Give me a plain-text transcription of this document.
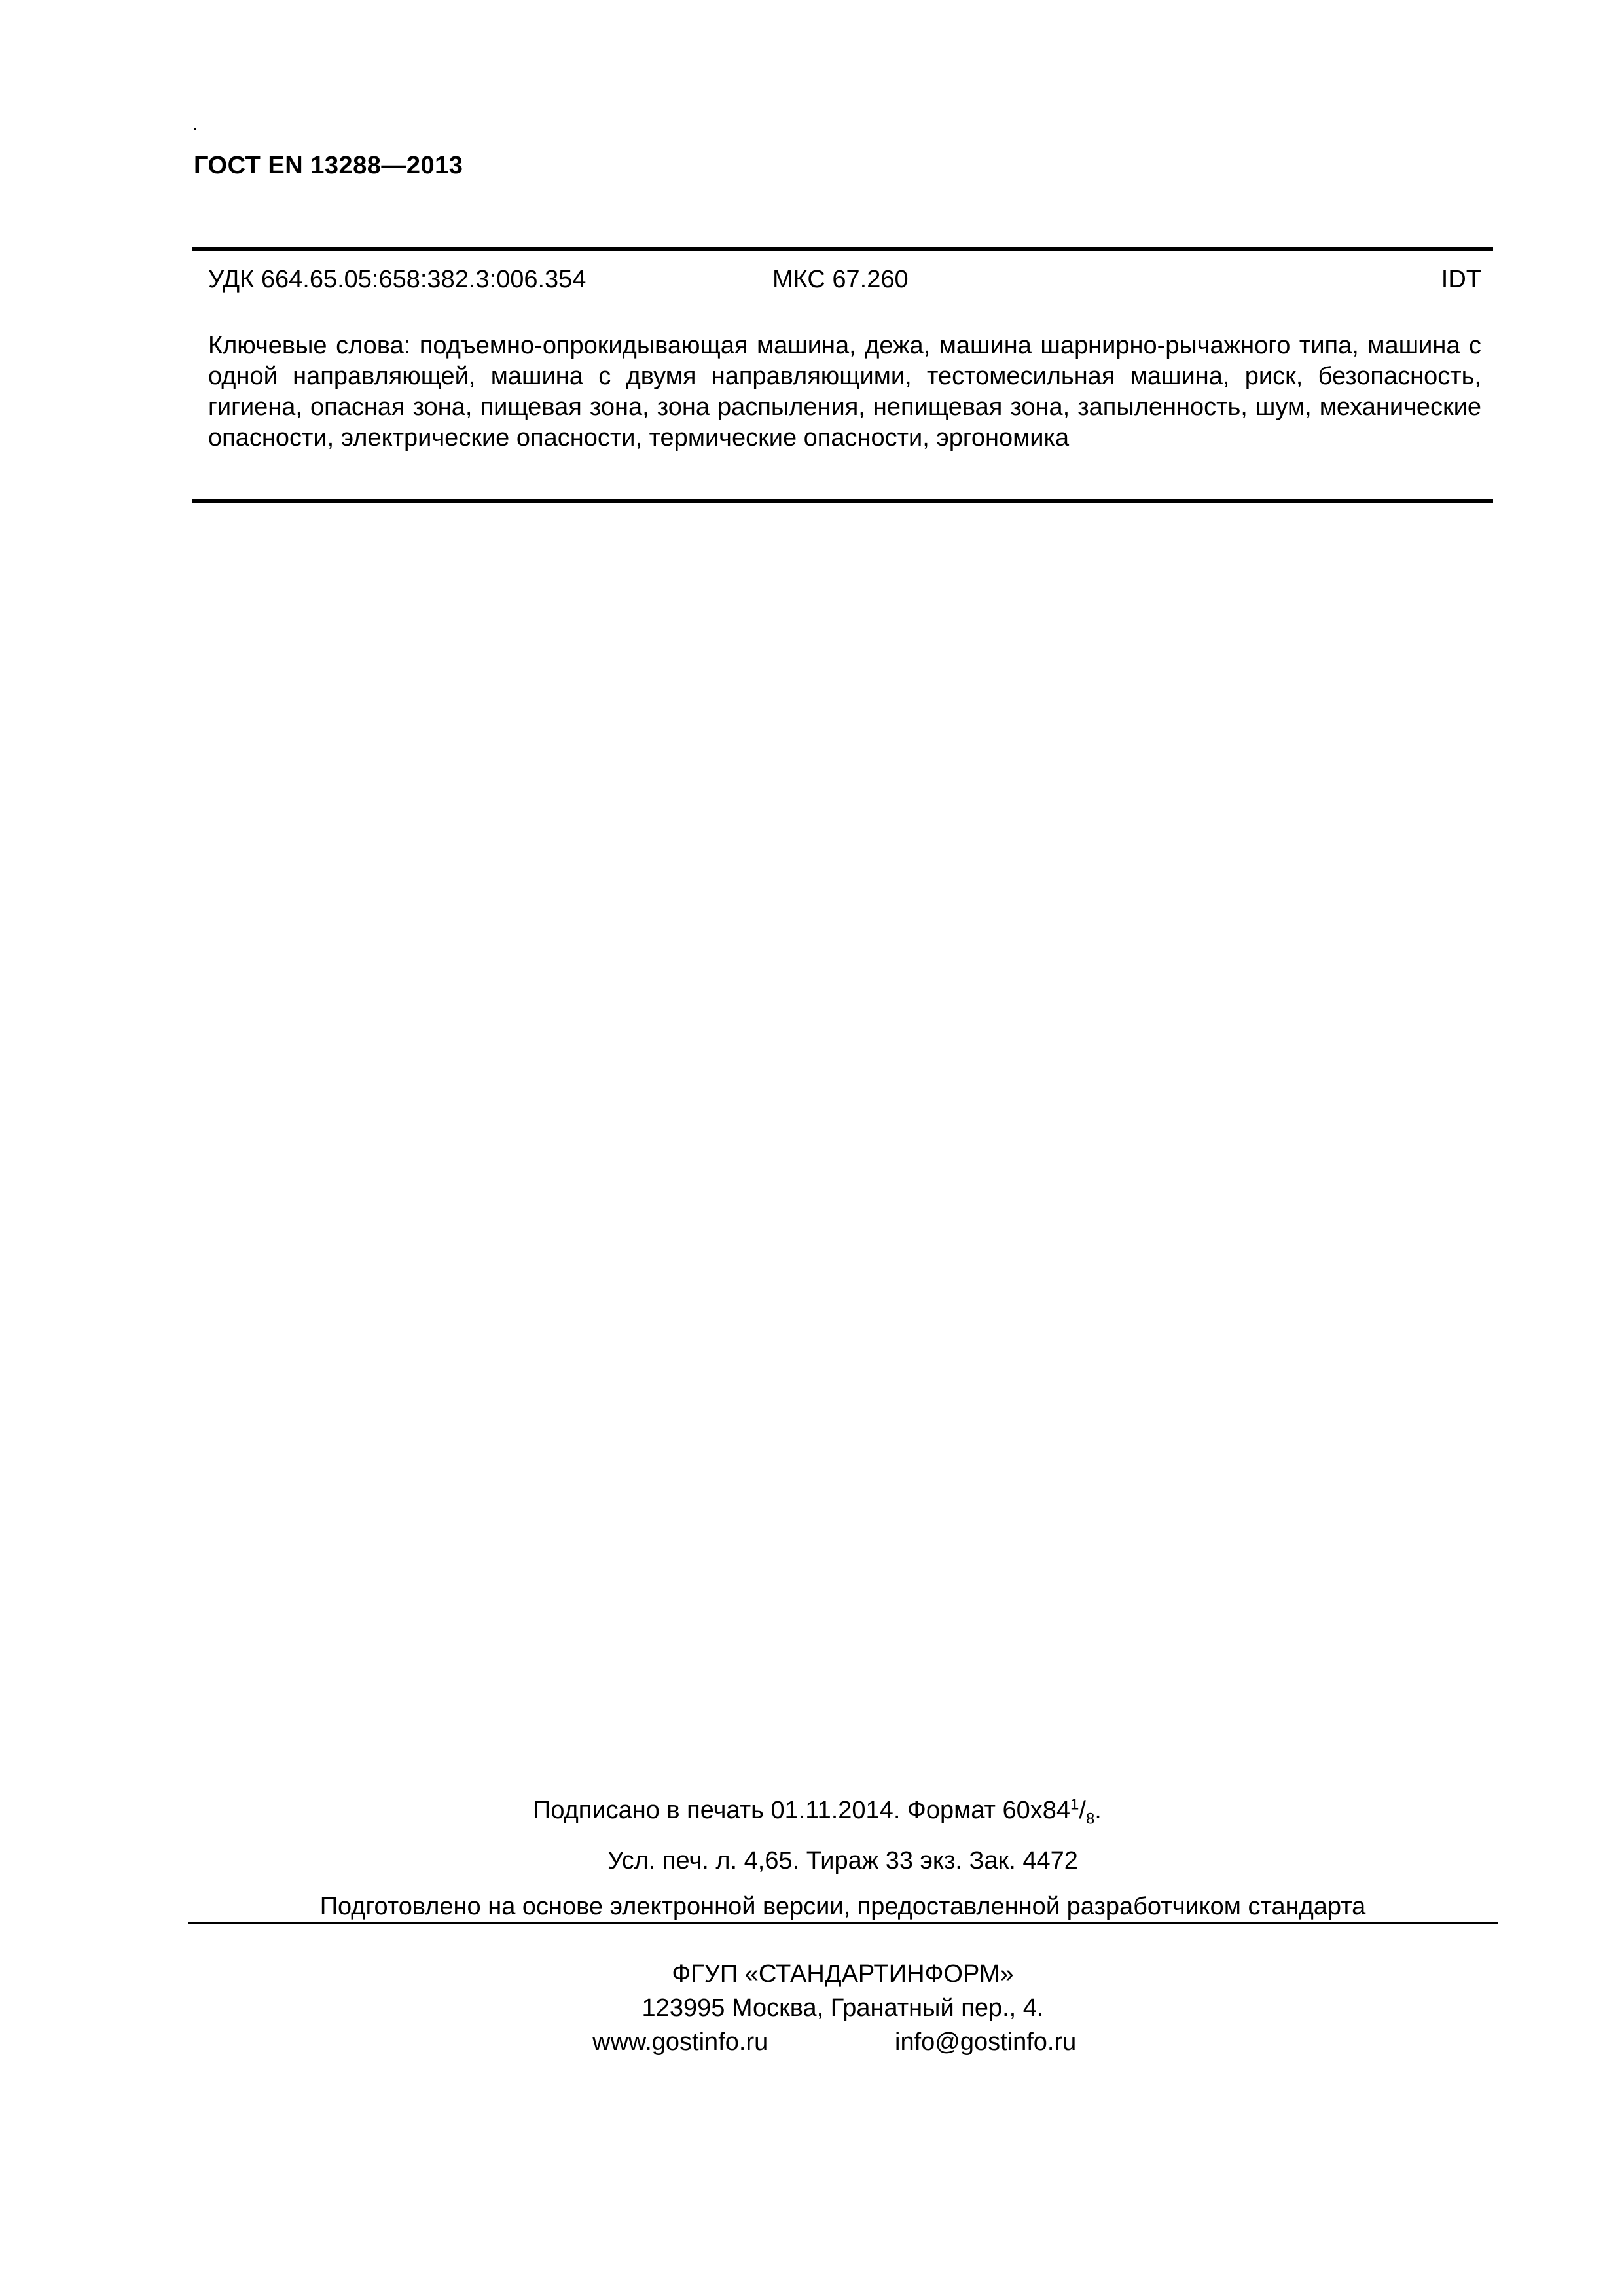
ГОСТ EN 13288—2013
УДК 664.65.05:658:382.3:006.354	МКС 67.260	IDT
Ключевые слова: подъемно-опрокидывающая машина, дежа, машина шарнирно-рычажного типа, машина с одной направляющей, машина с двумя направляющими, тестомесильная машина, риск, безопасность, гигиена, опасная зона, пищевая зона, зона распыления, непищевая зона, запыленность, шум, механические опасности, электрические опасности, термические опасности, эргономика
Подписано в печать 01.11.2014. Формат $60х84^1/_8$.
Усл. печ. л. 4,65. Тираж 33 экз. Зак. 4472
Подготовлено на основе электронной версии, предоставленной разработчиком стандарта
ФГУП «СТАНДАРТИНФОРМ»
123995 Москва, Гранатный пер., 4.
www.gostinfo.ru	info@gostinfo.ru
